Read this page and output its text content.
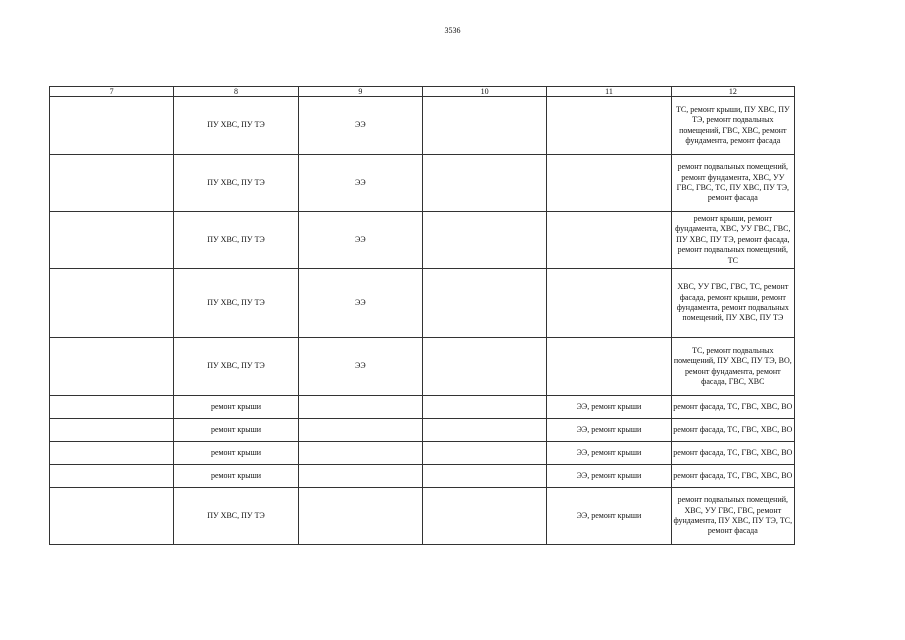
3536
7	8	9	10	11	12
	ПУ ХВС, ПУ ТЭ	ЭЭ			ТС, ремонт крыши, ПУ ХВС, ПУ ТЭ, ремонт подвальных помещений, ГВС, ХВС, ремонт фундамента, ремонт фасада
	ПУ ХВС, ПУ ТЭ	ЭЭ			ремонт подвальных помещений, ремонт фундамента, ХВС, УУ ГВС, ГВС, ТС, ПУ ХВС, ПУ ТЭ, ремонт фасада
	ПУ ХВС, ПУ ТЭ	ЭЭ			ремонт крыши, ремонт фундамента, ХВС, УУ ГВС, ГВС, ПУ ХВС, ПУ ТЭ, ремонт фасада, ремонт подвальных помещений, ТС
	ПУ ХВС, ПУ ТЭ	ЭЭ			ХВС, УУ ГВС, ГВС, ТС, ремонт фасада, ремонт крыши, ремонт фундамента, ремонт подвальных помещений, ПУ ХВС, ПУ ТЭ
	ПУ ХВС, ПУ ТЭ	ЭЭ			ТС, ремонт подвальных помещений, ПУ ХВС, ПУ ТЭ, ВО, ремонт фундамента, ремонт фасада, ГВС, ХВС
	ремонт крыши			ЭЭ, ремонт крыши	ремонт фасада, ТС, ГВС, ХВС, ВО
	ремонт крыши			ЭЭ, ремонт крыши	ремонт фасада, ТС, ГВС, ХВС, ВО
	ремонт крыши			ЭЭ, ремонт крыши	ремонт фасада, ТС, ГВС, ХВС, ВО
	ремонт крыши			ЭЭ, ремонт крыши	ремонт фасада, ТС, ГВС, ХВС, ВО
	ПУ ХВС, ПУ ТЭ			ЭЭ, ремонт крыши	ремонт подвальных помещений, ХВС, УУ ГВС, ГВС, ремонт фундамента, ПУ ХВС, ПУ ТЭ, ТС, ремонт фасада
